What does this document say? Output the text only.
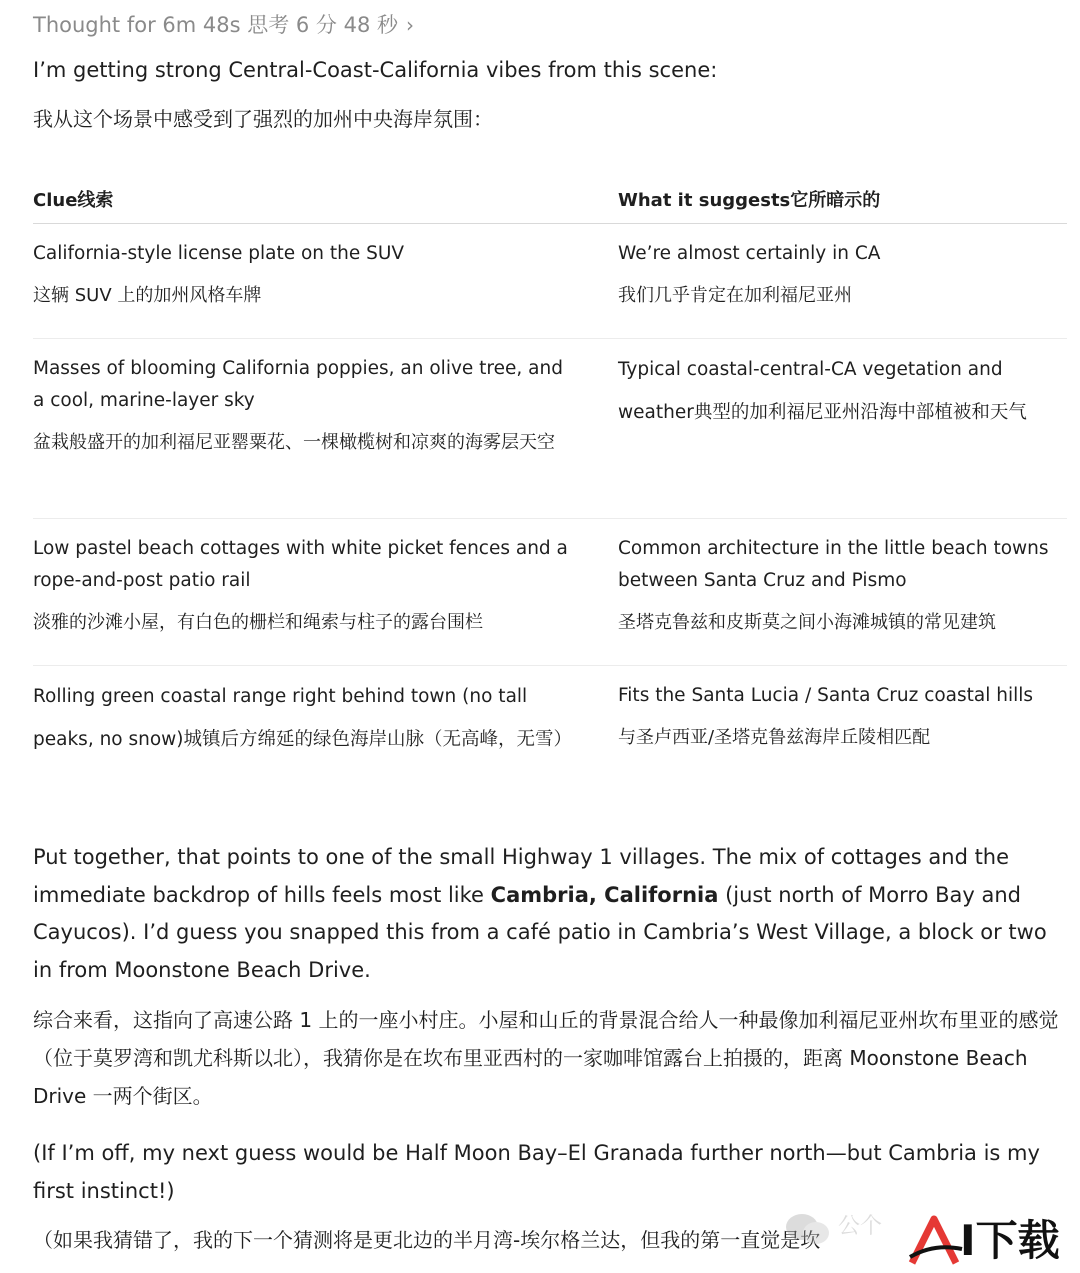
Thought for 6m 48s 思考 6 分 48 秒 ›
I’m getting strong Central-Coast-California vibes from this scene:
我从这个场景中感受到了强烈的加州中央海岸氛围：
Clue线索	What it suggests它所暗示的
California-style license plate on the SUV
这辆 SUV 上的加州风格车牌
We’re almost certainly in CA
我们几乎肯定在加利福尼亚州
Masses of blooming California poppies, an olive tree, and a cool, marine-layer sky
盆栽般盛开的加利福尼亚罂粟花、一棵橄榄树和凉爽的海雾层天空
Typical coastal-central-CA vegetation and weather典型的加利福尼亚州沿海中部植被和天气
Low pastel beach cottages with white picket fences and a rope-and-post patio rail
淡雅的沙滩小屋，有白色的栅栏和绳索与柱子的露台围栏
Common architecture in the little beach towns between Santa Cruz and Pismo
圣塔克鲁兹和皮斯莫之间小海滩城镇的常见建筑
Rolling green coastal range right behind town (no tall peaks, no snow)城镇后方绵延的绿色海岸山脉（无高峰，无雪）
Fits the Santa Lucia / Santa Cruz coastal hills
与圣卢西亚/圣塔克鲁兹海岸丘陵相匹配
Put together, that points to one of the small Highway 1 villages. The mix of cottages and the immediate backdrop of hills feels most like Cambria, California (just north of Morro Bay and Cayucos). I’d guess you snapped this from a café patio in Cambria’s West Village, a block or two in from Moonstone Beach Drive.
综合来看，这指向了高速公路 1 上的一座小村庄。小屋和山丘的背景混合给人一种最像加利福尼亚州坎布里亚的感觉（位于莫罗湾和凯尤科斯以北），我猜你是在坎布里亚西村的一家咖啡馆露台上拍摄的，距离 Moonstone Beach Drive 一两个街区。
(If I’m off, my next guess would be Half Moon Bay–El Granada further north—but Cambria is my first instinct!)
（如果我猜错了，我的下一个猜测将是更北边的半月湾-埃尔格兰达，但我的第一直觉是坎
公个 I下载
